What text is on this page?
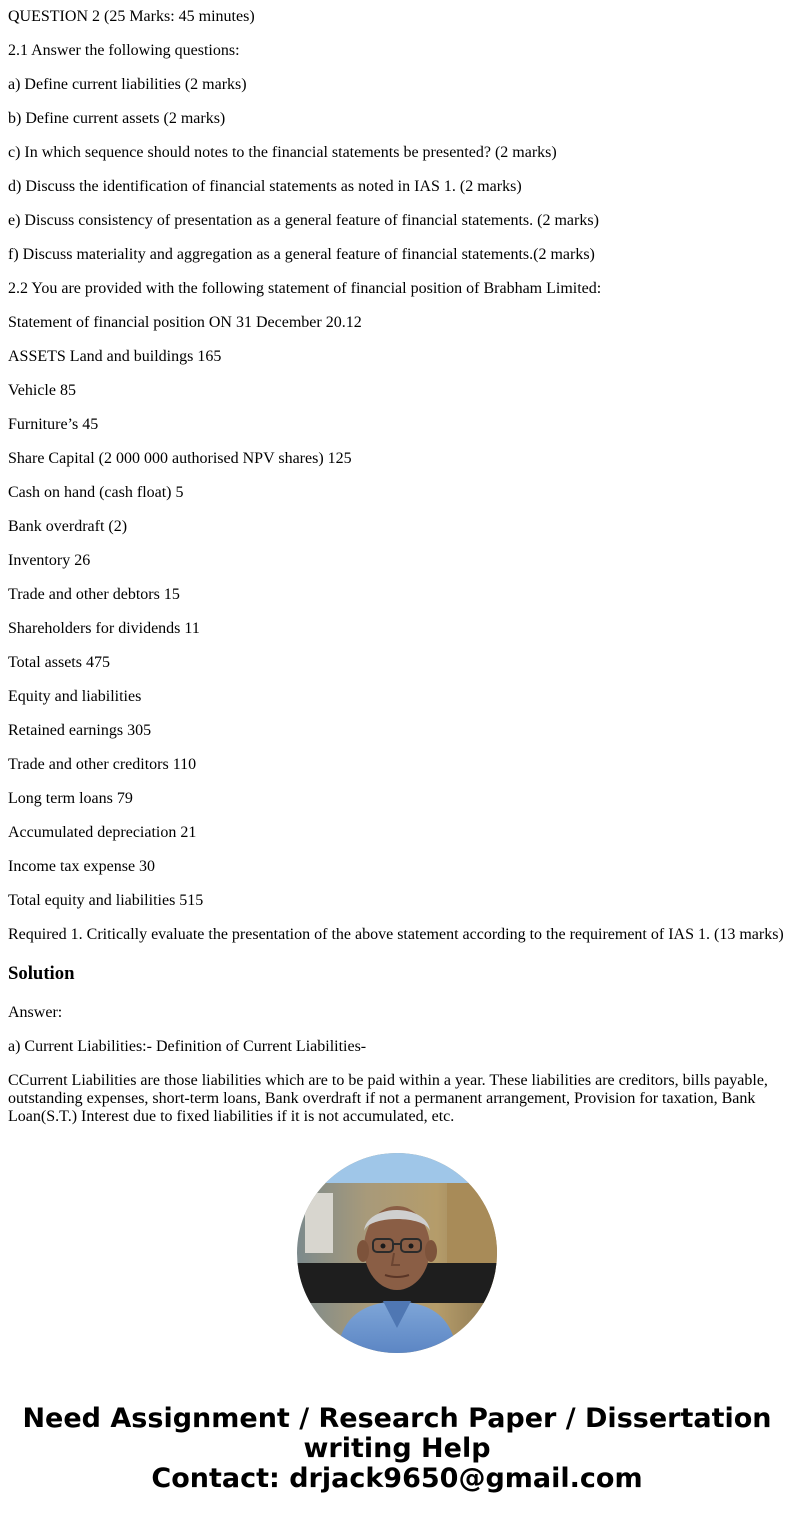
QUESTION 2 (25 Marks: 45 minutes)

2.1 Answer the following questions:

a) Define current liabilities (2 marks)

b) Define current assets (2 marks)

c) In which sequence should notes to the financial statements be presented? (2 marks)

d) Discuss the identification of financial statements as noted in IAS 1. (2 marks)

e) Discuss consistency of presentation as a general feature of financial statements. (2 marks)

f) Discuss materiality and aggregation as a general feature of financial statements.(2 marks)

2.2 You are provided with the following statement of financial position of Brabham Limited:

Statement of financial position ON 31 December 20.12

ASSETS Land and buildings 165

Vehicle 85

Furniture’s 45

Share Capital (2 000 000 authorised NPV shares) 125

Cash on hand (cash float) 5

Bank overdraft (2)

Inventory 26

Trade and other debtors 15

Shareholders for dividends 11

Total assets 475

Equity and liabilities

Retained earnings 305

Trade and other creditors 110

Long term loans 79

Accumulated depreciation 21

Income tax expense 30

Total equity and liabilities 515

Required 1. Critically evaluate the presentation of the above statement according to the requirement of IAS 1. (13 marks)

Solution

Answer:

a) Current Liabilities:- Definition of Current Liabilities-

CCurrent Liabilities are those liabilities which are to be paid within a year. These liabilities are creditors, bills payable, outstanding expenses, short-term loans, Bank overdraft if not a permanent arrangement, Provision for taxation, Bank Loan(S.T.) Interest due to fixed liabilities if it is not accumulated, etc.

Need Assignment / Research Paper / Dissertation
writing Help
Contact: drjack9650@gmail.com
